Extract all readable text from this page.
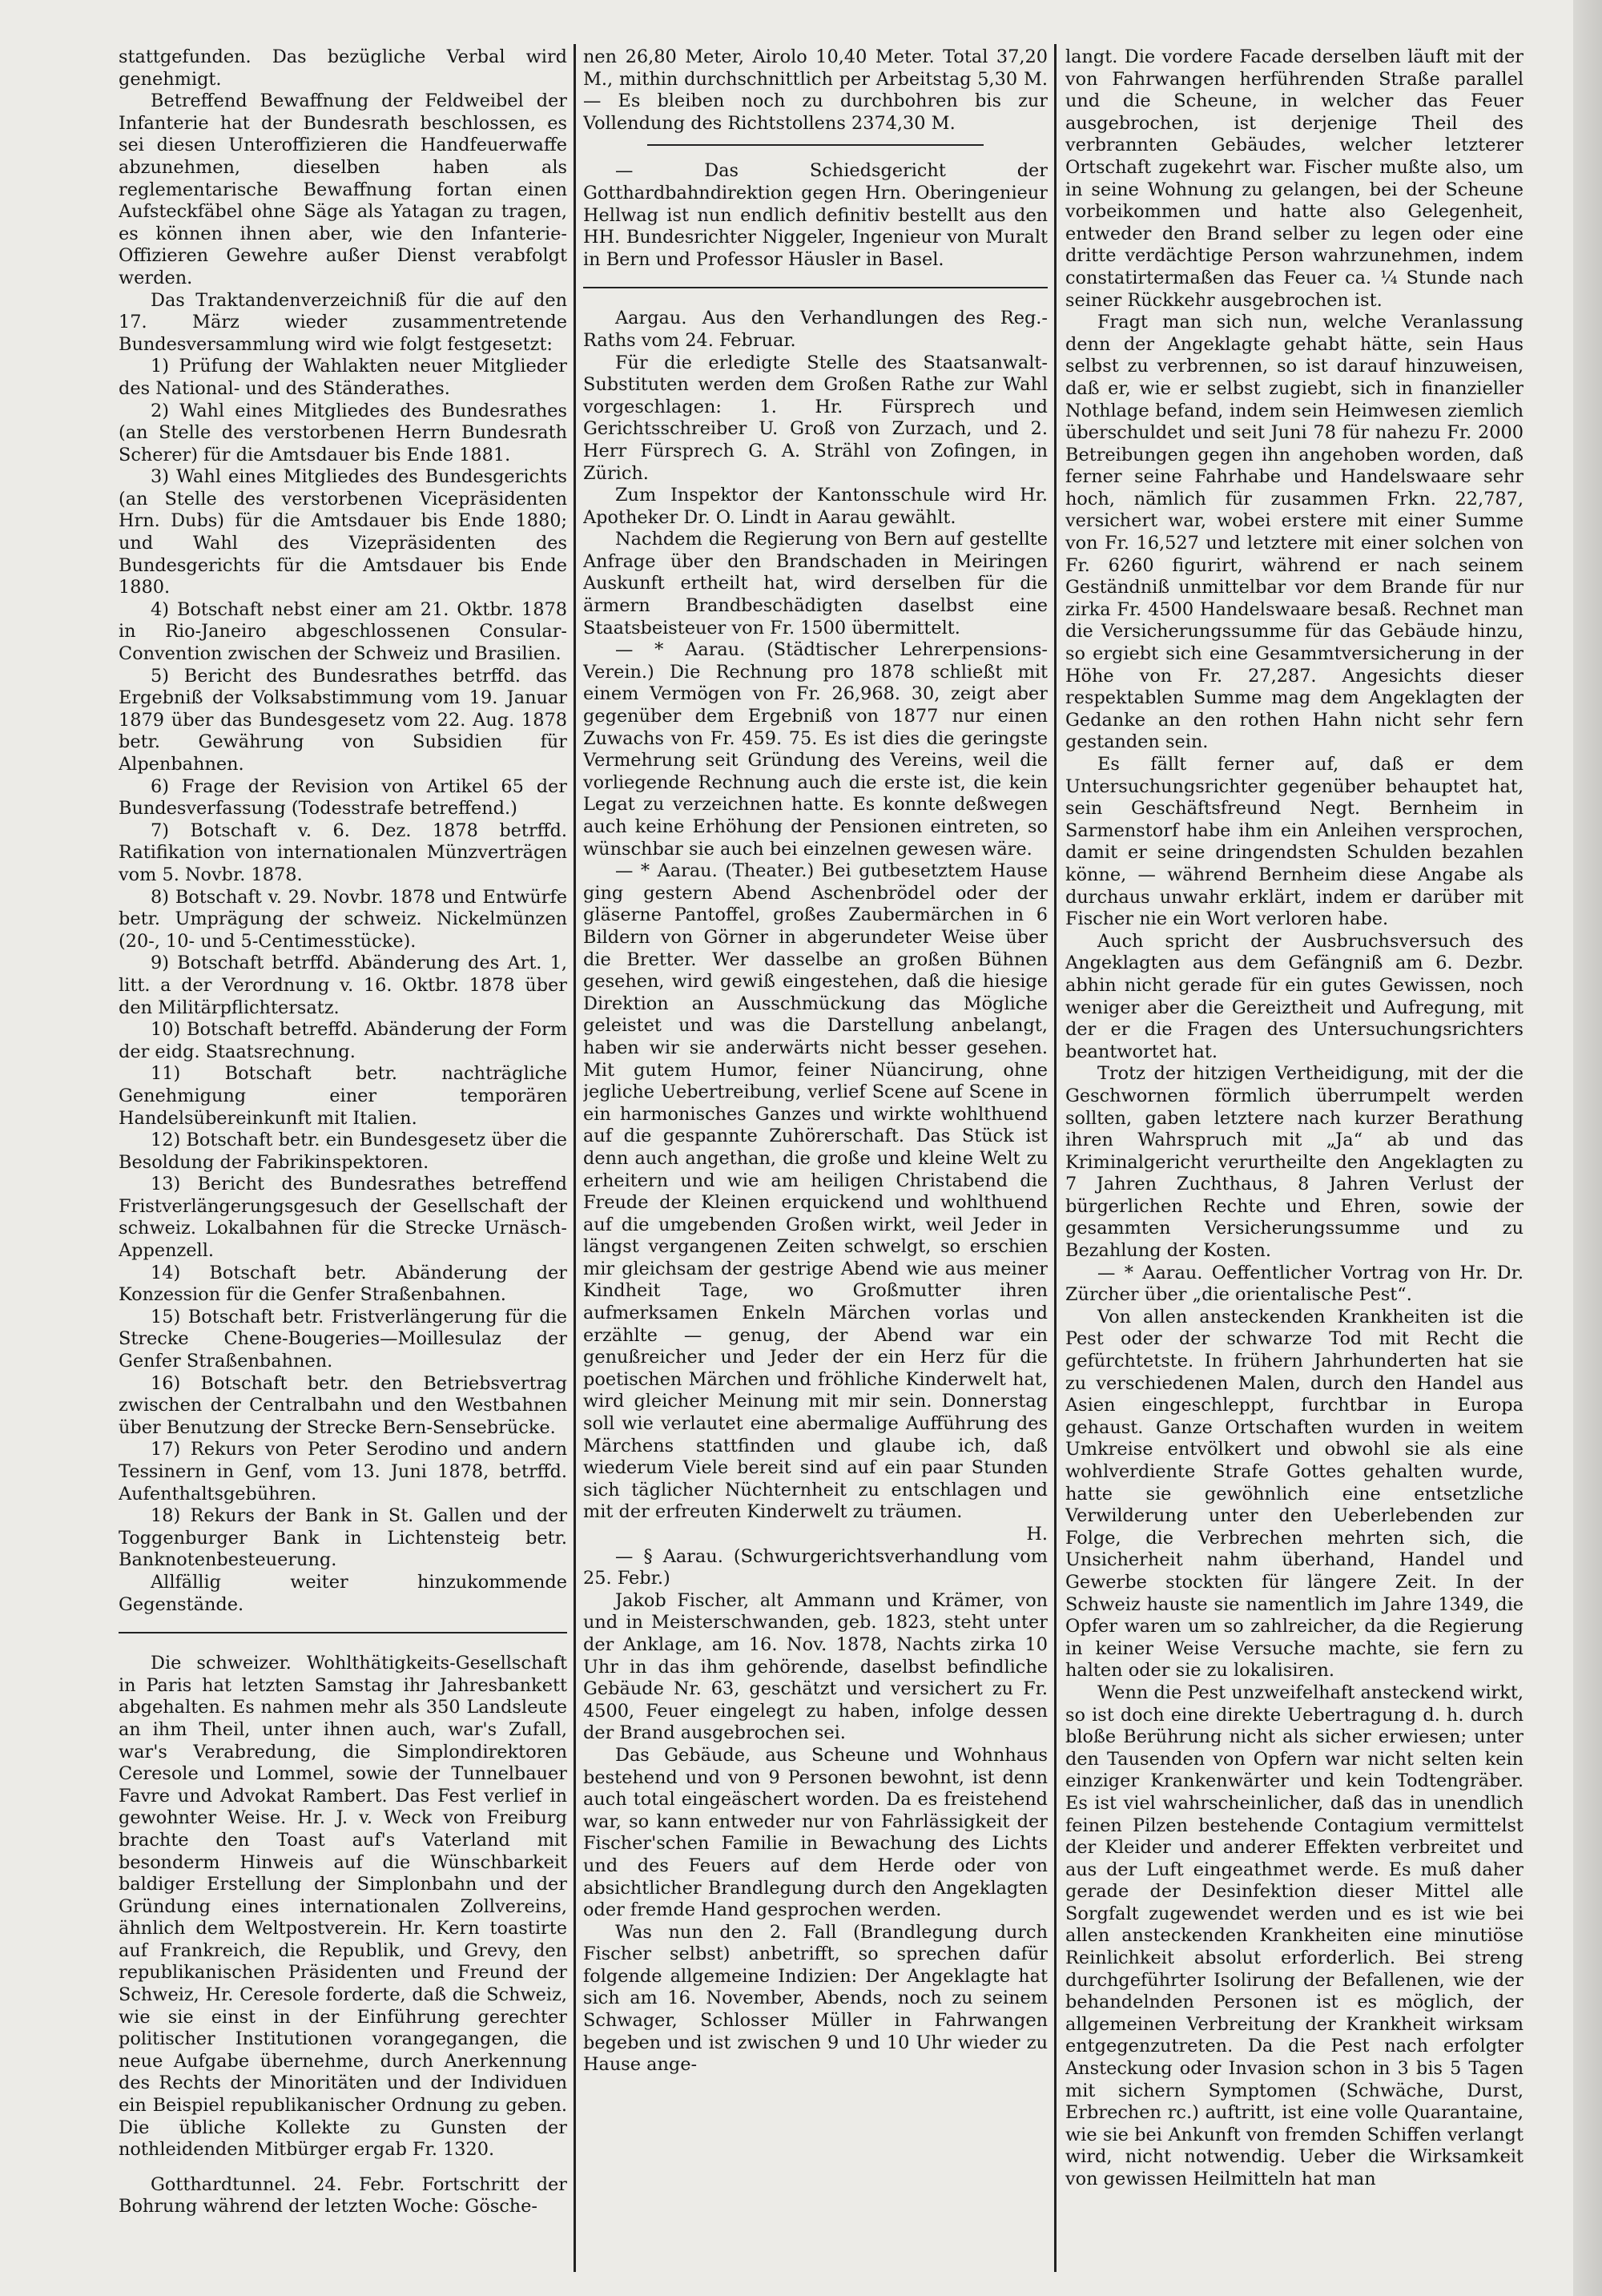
stattgefunden. Das bezügliche Verbal wird genehmigt.

Betreffend Bewaffnung der Feldweibel der Infanterie hat der Bundesrath beschlossen, es sei diesen Unteroffizieren die Handfeuerwaffe abzunehmen, dieselben haben als reglementarische Bewaffnung fortan einen Aufsteckfäbel ohne Säge als Yatagan zu tragen, es können ihnen aber, wie den Infanterie-Offizieren Gewehre außer Dienst verabfolgt werden.

Das Traktandenverzeichniß für die auf den 17. März wieder zusammentretende Bundesversammlung wird wie folgt festgesetzt:

1) Prüfung der Wahlakten neuer Mitglieder des National- und des Ständerathes.

2) Wahl eines Mitgliedes des Bundesrathes (an Stelle des verstorbenen Herrn Bundesrath Scherer) für die Amtsdauer bis Ende 1881.

3) Wahl eines Mitgliedes des Bundesgerichts (an Stelle des verstorbenen Vicepräsidenten Hrn. Dubs) für die Amtsdauer bis Ende 1880; und Wahl des Vizepräsidenten des Bundesgerichts für die Amtsdauer bis Ende 1880.

4) Botschaft nebst einer am 21. Oktbr. 1878 in Rio-Janeiro abgeschlossenen Consular-Convention zwischen der Schweiz und Brasilien.

5) Bericht des Bundesrathes betrffd. das Ergebniß der Volksabstimmung vom 19. Januar 1879 über das Bundesgesetz vom 22. Aug. 1878 betr. Gewährung von Subsidien für Alpenbahnen.

6) Frage der Revision von Artikel 65 der Bundesverfassung (Todesstrafe betreffend.)

7) Botschaft v. 6. Dez. 1878 betrffd. Ratifikation von internationalen Münzverträgen vom 5. Novbr. 1878.

8) Botschaft v. 29. Novbr. 1878 und Entwürfe betr. Umprägung der schweiz. Nickelmünzen (20-, 10- und 5-Centimesstücke).

9) Botschaft betrffd. Abänderung des Art. 1, litt. a der Verordnung v. 16. Oktbr. 1878 über den Militärpflichtersatz.

10) Botschaft betreffd. Abänderung der Form der eidg. Staatsrechnung.

11) Botschaft betr. nachträgliche Genehmigung einer temporären Handelsübereinkunft mit Italien.

12) Botschaft betr. ein Bundesgesetz über die Besoldung der Fabrikinspektoren.

13) Bericht des Bundesrathes betreffend Fristverlängerungsgesuch der Gesellschaft der schweiz. Lokalbahnen für die Strecke Urnäsch-Appenzell.

14) Botschaft betr. Abänderung der Konzession für die Genfer Straßenbahnen.

15) Botschaft betr. Fristverlängerung für die Strecke Chene-Bougeries—Moillesulaz der Genfer Straßenbahnen.

16) Botschaft betr. den Betriebsvertrag zwischen der Centralbahn und den Westbahnen über Benutzung der Strecke Bern-Sensebrücke.

17) Rekurs von Peter Serodino und andern Tessinern in Genf, vom 13. Juni 1878, betrffd. Aufenthaltsgebühren.

18) Rekurs der Bank in St. Gallen und der Toggenburger Bank in Lichtensteig betr. Banknotenbesteuerung.

Allfällig weiter hinzukommende Gegenstände.

Die schweizer. Wohlthätigkeits-Gesellschaft in Paris hat letzten Samstag ihr Jahresbankett abgehalten. Es nahmen mehr als 350 Landsleute an ihm Theil, unter ihnen auch, war's Zufall, war's Verabredung, die Simplondirektoren Ceresole und Lommel, sowie der Tunnelbauer Favre und Advokat Rambert. Das Fest verlief in gewohnter Weise. Hr. J. v. Weck von Freiburg brachte den Toast auf's Vaterland mit besonderm Hinweis auf die Wünschbarkeit baldiger Erstellung der Simplonbahn und der Gründung eines internationalen Zollvereins, ähnlich dem Weltpostverein. Hr. Kern toastirte auf Frankreich, die Republik, und Grevy, den republikanischen Präsidenten und Freund der Schweiz, Hr. Ceresole forderte, daß die Schweiz, wie sie einst in der Einführung gerechter politischer Institutionen vorangegangen, die neue Aufgabe übernehme, durch Anerkennung des Rechts der Minoritäten und der Individuen ein Beispiel republikanischer Ordnung zu geben. Die übliche Kollekte zu Gunsten der nothleidenden Mitbürger ergab Fr. 1320.

Gotthardtunnel. 24. Febr. Fortschritt der Bohrung während der letzten Woche: Gösche-

nen 26,80 Meter, Airolo 10,40 Meter. Total 37,20 M., mithin durchschnittlich per Arbeitstag 5,30 M. — Es bleiben noch zu durchbohren bis zur Vollendung des Richtstollens 2374,30 M.

— Das Schiedsgericht der Gotthardbahndirektion gegen Hrn. Oberingenieur Hellwag ist nun endlich definitiv bestellt aus den HH. Bundesrichter Niggeler, Ingenieur von Muralt in Bern und Professor Häusler in Basel.

Aargau. Aus den Verhandlungen des Reg.-Raths vom 24. Februar.

Für die erledigte Stelle des Staatsanwalt-Substituten werden dem Großen Rathe zur Wahl vorgeschlagen: 1. Hr. Fürsprech und Gerichtsschreiber U. Groß von Zurzach, und 2. Herr Fürsprech G. A. Strähl von Zofingen, in Zürich.

Zum Inspektor der Kantonsschule wird Hr. Apotheker Dr. O. Lindt in Aarau gewählt.

Nachdem die Regierung von Bern auf gestellte Anfrage über den Brandschaden in Meiringen Auskunft ertheilt hat, wird derselben für die ärmern Brandbeschädigten daselbst eine Staatsbeisteuer von Fr. 1500 übermittelt.

— * Aarau. (Städtischer Lehrerpensions-Verein.) Die Rechnung pro 1878 schließt mit einem Vermögen von Fr. 26,968. 30, zeigt aber gegenüber dem Ergebniß von 1877 nur einen Zuwachs von Fr. 459. 75. Es ist dies die geringste Vermehrung seit Gründung des Vereins, weil die vorliegende Rechnung auch die erste ist, die kein Legat zu verzeichnen hatte. Es konnte deßwegen auch keine Erhöhung der Pensionen eintreten, so wünschbar sie auch bei einzelnen gewesen wäre.

— * Aarau. (Theater.) Bei gutbesetztem Hause ging gestern Abend Aschenbrödel oder der gläserne Pantoffel, großes Zaubermärchen in 6 Bildern von Görner in abgerundeter Weise über die Bretter. Wer dasselbe an großen Bühnen gesehen, wird gewiß eingestehen, daß die hiesige Direktion an Ausschmückung das Mögliche geleistet und was die Darstellung anbelangt, haben wir sie anderwärts nicht besser gesehen. Mit gutem Humor, feiner Nüancirung, ohne jegliche Uebertreibung, verlief Scene auf Scene in ein harmonisches Ganzes und wirkte wohlthuend auf die gespannte Zuhörerschaft. Das Stück ist denn auch angethan, die große und kleine Welt zu erheitern und wie am heiligen Christabend die Freude der Kleinen erquickend und wohlthuend auf die umgebenden Großen wirkt, weil Jeder in längst vergangenen Zeiten schwelgt, so erschien mir gleichsam der gestrige Abend wie aus meiner Kindheit Tage, wo Großmutter ihren aufmerksamen Enkeln Märchen vorlas und erzählte — genug, der Abend war ein genußreicher und Jeder der ein Herz für die poetischen Märchen und fröhliche Kinderwelt hat, wird gleicher Meinung mit mir sein. Donnerstag soll wie verlautet eine abermalige Aufführung des Märchens stattfinden und glaube ich, daß wiederum Viele bereit sind auf ein paar Stunden sich täglicher Nüchternheit zu entschlagen und mit der erfreuten Kinderwelt zu träumen.

H.

— § Aarau. (Schwurgerichtsverhandlung vom 25. Febr.)

Jakob Fischer, alt Ammann und Krämer, von und in Meisterschwanden, geb. 1823, steht unter der Anklage, am 16. Nov. 1878, Nachts zirka 10 Uhr in das ihm gehörende, daselbst befindliche Gebäude Nr. 63, geschätzt und versichert zu Fr. 4500, Feuer eingelegt zu haben, infolge dessen der Brand ausgebrochen sei.

Das Gebäude, aus Scheune und Wohnhaus bestehend und von 9 Personen bewohnt, ist denn auch total eingeäschert worden. Da es freistehend war, so kann entweder nur von Fahrlässigkeit der Fischer'schen Familie in Bewachung des Lichts und des Feuers auf dem Herde oder von absichtlicher Brandlegung durch den Angeklagten oder fremde Hand gesprochen werden.

Was nun den 2. Fall (Brandlegung durch Fischer selbst) anbetrifft, so sprechen dafür folgende allgemeine Indizien: Der Angeklagte hat sich am 16. November, Abends, noch zu seinem Schwager, Schlosser Müller in Fahrwangen begeben und ist zwischen 9 und 10 Uhr wieder zu Hause ange-

langt. Die vordere Facade derselben läuft mit der von Fahrwangen herführenden Straße parallel und die Scheune, in welcher das Feuer ausgebrochen, ist derjenige Theil des verbrannten Gebäudes, welcher letzterer Ortschaft zugekehrt war. Fischer mußte also, um in seine Wohnung zu gelangen, bei der Scheune vorbeikommen und hatte also Gelegenheit, entweder den Brand selber zu legen oder eine dritte verdächtige Person wahrzunehmen, indem constatirtermaßen das Feuer ca. ¼ Stunde nach seiner Rückkehr ausgebrochen ist.

Fragt man sich nun, welche Veranlassung denn der Angeklagte gehabt hätte, sein Haus selbst zu verbrennen, so ist darauf hinzuweisen, daß er, wie er selbst zugiebt, sich in finanzieller Nothlage befand, indem sein Heimwesen ziemlich überschuldet und seit Juni 78 für nahezu Fr. 2000 Betreibungen gegen ihn angehoben worden, daß ferner seine Fahrhabe und Handelswaare sehr hoch, nämlich für zusammen Frkn. 22,787, versichert war, wobei erstere mit einer Summe von Fr. 16,527 und letztere mit einer solchen von Fr. 6260 figurirt, während er nach seinem Geständniß unmittelbar vor dem Brande für nur zirka Fr. 4500 Handelswaare besaß. Rechnet man die Versicherungssumme für das Gebäude hinzu, so ergiebt sich eine Gesammtversicherung in der Höhe von Fr. 27,287. Angesichts dieser respektablen Summe mag dem Angeklagten der Gedanke an den rothen Hahn nicht sehr fern gestanden sein.

Es fällt ferner auf, daß er dem Untersuchungsrichter gegenüber behauptet hat, sein Geschäftsfreund Negt. Bernheim in Sarmenstorf habe ihm ein Anleihen versprochen, damit er seine dringendsten Schulden bezahlen könne, — während Bernheim diese Angabe als durchaus unwahr erklärt, indem er darüber mit Fischer nie ein Wort verloren habe.

Auch spricht der Ausbruchsversuch des Angeklagten aus dem Gefängniß am 6. Dezbr. abhin nicht gerade für ein gutes Gewissen, noch weniger aber die Gereiztheit und Aufregung, mit der er die Fragen des Untersuchungsrichters beantwortet hat.

Trotz der hitzigen Vertheidigung, mit der die Geschwornen förmlich überrumpelt werden sollten, gaben letztere nach kurzer Berathung ihren Wahrspruch mit „Ja“ ab und das Kriminalgericht verurtheilte den Angeklagten zu 7 Jahren Zuchthaus, 8 Jahren Verlust der bürgerlichen Rechte und Ehren, sowie der gesammten Versicherungssumme und zu Bezahlung der Kosten.

— * Aarau. Oeffentlicher Vortrag von Hr. Dr. Zürcher über „die orientalische Pest“.

Von allen ansteckenden Krankheiten ist die Pest oder der schwarze Tod mit Recht die gefürchtetste. In frühern Jahrhunderten hat sie zu verschiedenen Malen, durch den Handel aus Asien eingeschleppt, furchtbar in Europa gehaust. Ganze Ortschaften wurden in weitem Umkreise entvölkert und obwohl sie als eine wohlverdiente Strafe Gottes gehalten wurde, hatte sie gewöhnlich eine entsetzliche Verwilderung unter den Ueberlebenden zur Folge, die Verbrechen mehrten sich, die Unsicherheit nahm überhand, Handel und Gewerbe stockten für längere Zeit. In der Schweiz hauste sie namentlich im Jahre 1349, die Opfer waren um so zahlreicher, da die Regierung in keiner Weise Versuche machte, sie fern zu halten oder sie zu lokalisiren.

Wenn die Pest unzweifelhaft ansteckend wirkt, so ist doch eine direkte Uebertragung d. h. durch bloße Berührung nicht als sicher erwiesen; unter den Tausenden von Opfern war nicht selten kein einziger Krankenwärter und kein Todtengräber. Es ist viel wahrscheinlicher, daß das in unendlich feinen Pilzen bestehende Contagium vermittelst der Kleider und anderer Effekten verbreitet und aus der Luft eingeathmet werde. Es muß daher gerade der Desinfektion dieser Mittel alle Sorgfalt zugewendet werden und es ist wie bei allen ansteckenden Krankheiten eine minutiöse Reinlichkeit absolut erforderlich. Bei streng durchgeführter Isolirung der Befallenen, wie der behandelnden Personen ist es möglich, der allgemeinen Verbreitung der Krankheit wirksam entgegenzutreten. Da die Pest nach erfolgter Ansteckung oder Invasion schon in 3 bis 5 Tagen mit sichern Symptomen (Schwäche, Durst, Erbrechen rc.) auftritt, ist eine volle Quarantaine, wie sie bei Ankunft von fremden Schiffen verlangt wird, nicht notwendig. Ueber die Wirksamkeit von gewissen Heilmitteln hat man
